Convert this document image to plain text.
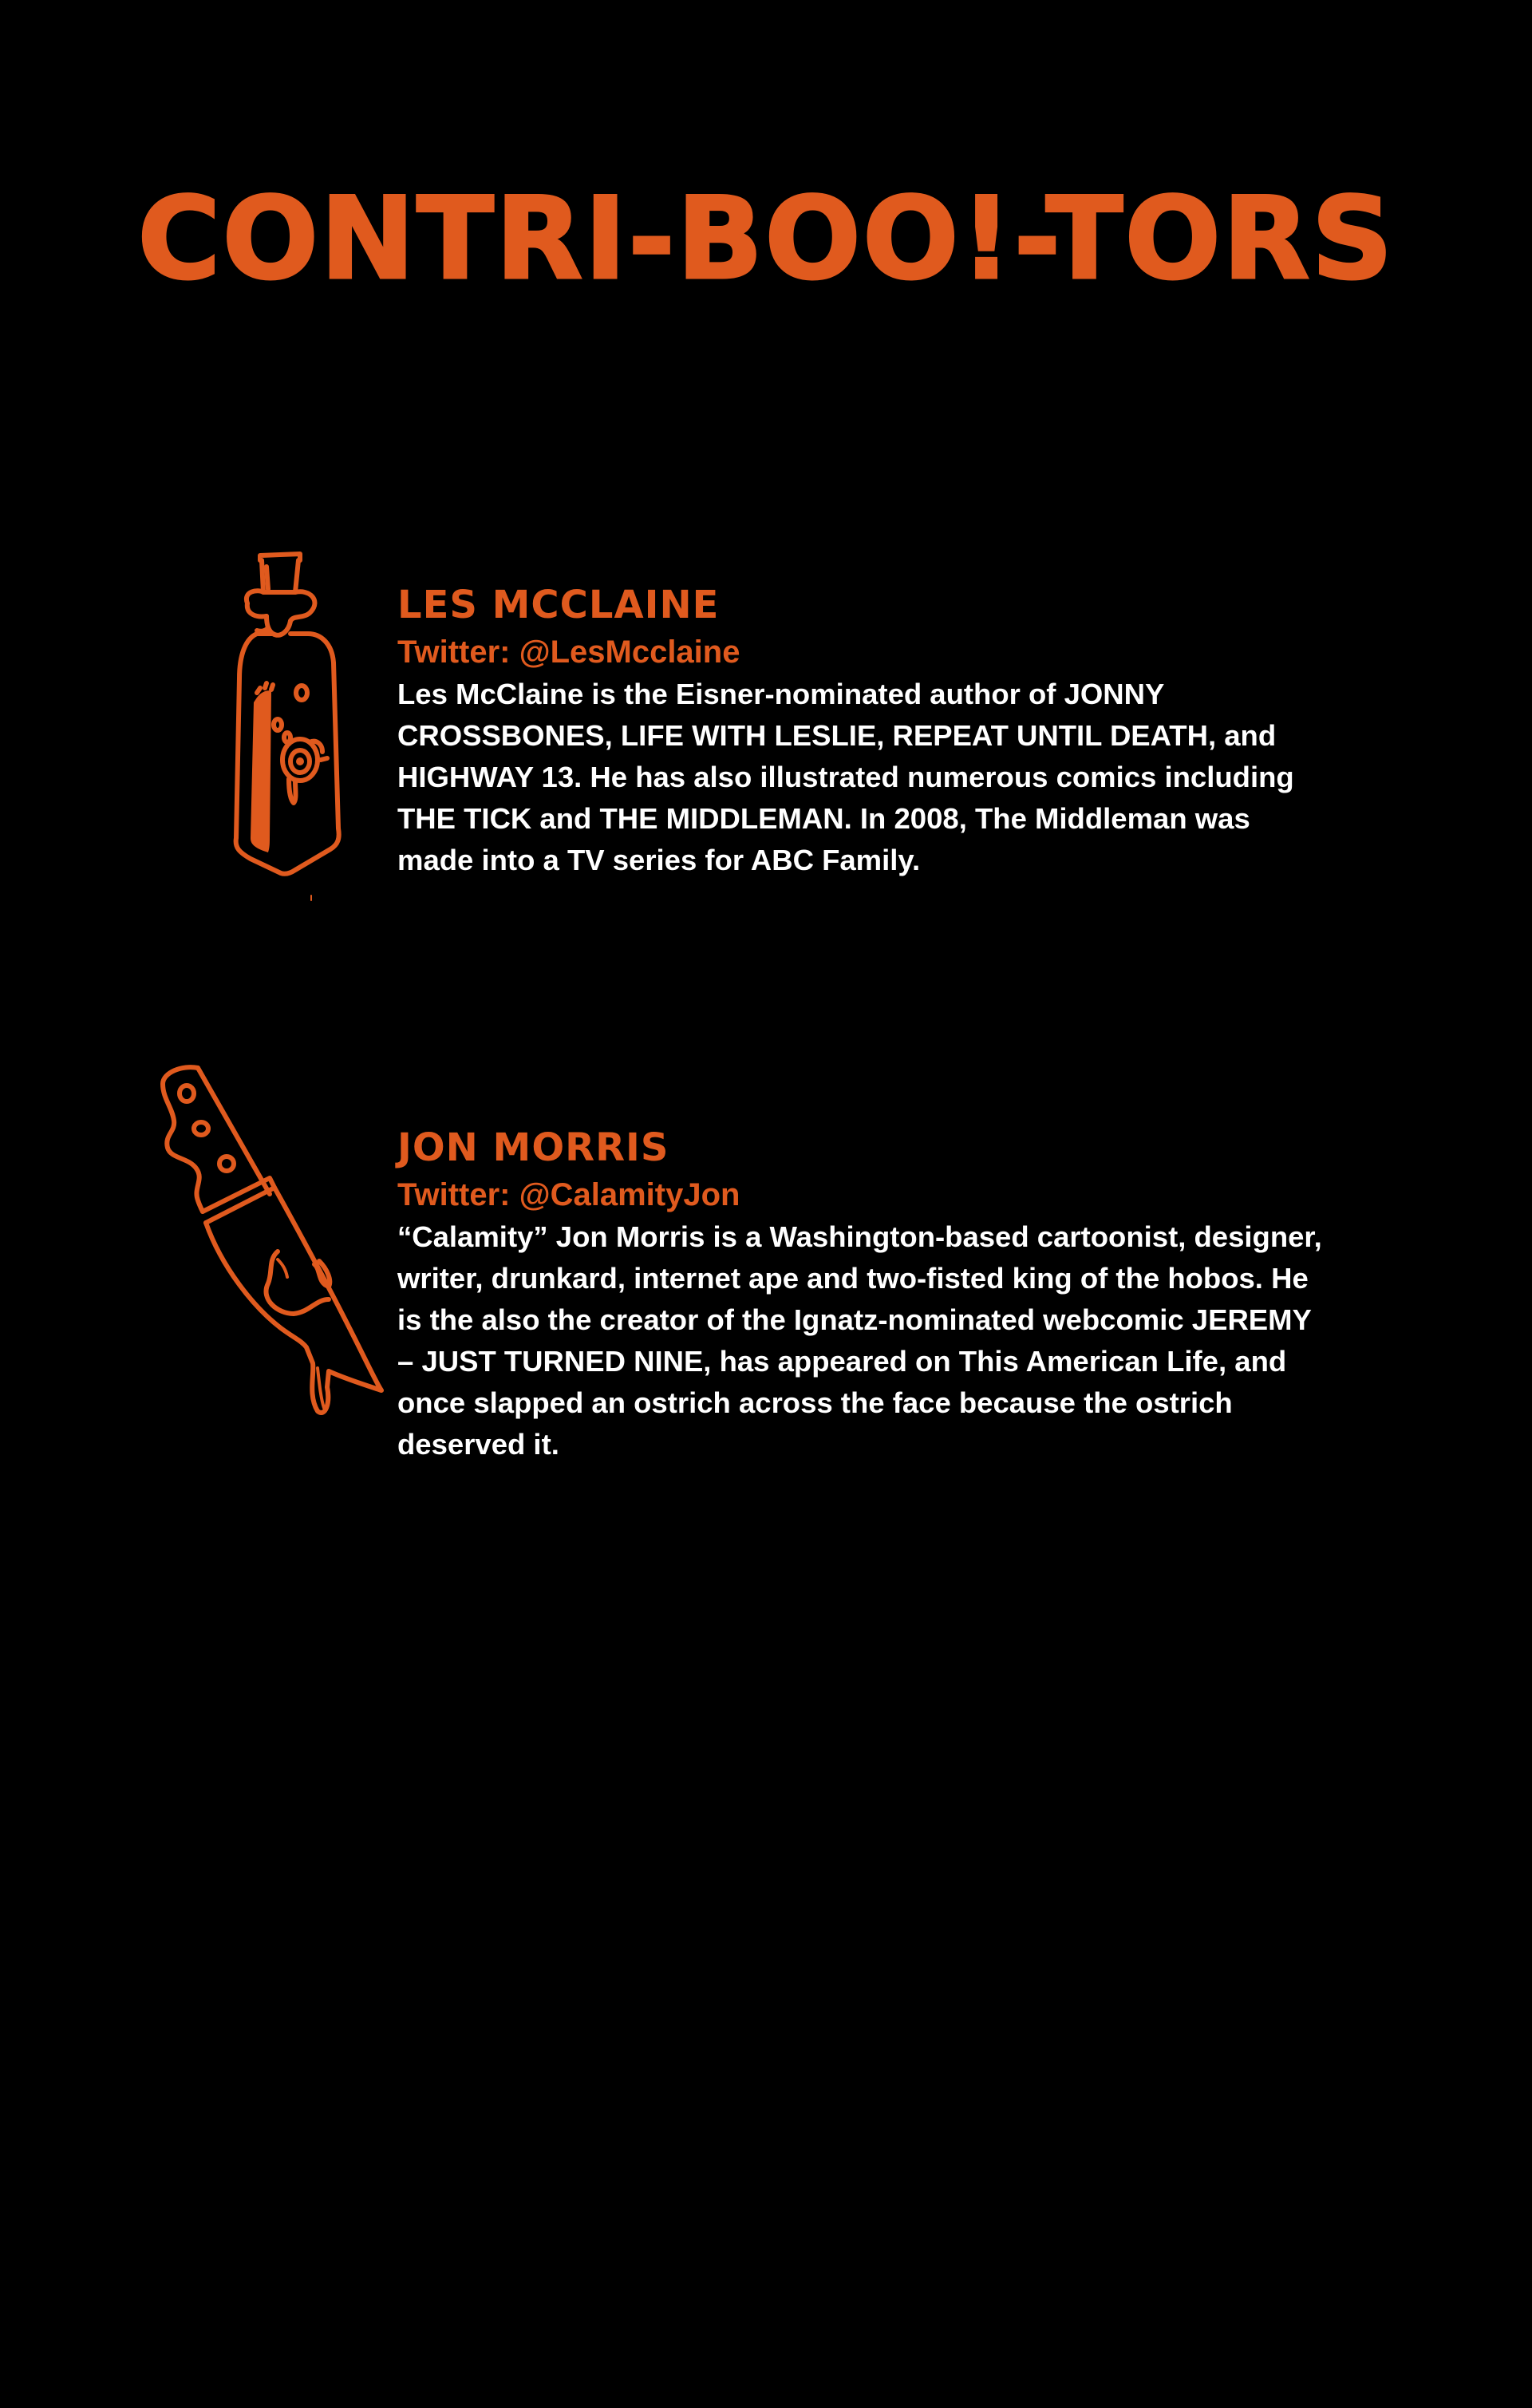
CONTRI-BOO!-TORS
LES MCCLAINE
Twitter: @LesMcclaine

Les McClaine is the Eisner-nominated author of JONNY CROSSBONES, LIFE WITH LESLIE, REPEAT UNTIL DEATH, and HIGHWAY 13. He has also illustrated numerous comics including THE TICK and THE MIDDLEMAN. In 2008, The Middleman was made into a TV series for ABC Family.

JON MORRIS
Twitter: @CalamityJon

“Calamity” Jon Morris is a Washington-based cartoonist, designer, writer, drunkard, internet ape and two-fisted king of the hobos. He is the also the creator of the Ignatz-nominated webcomic JEREMY – JUST TURNED NINE, has appeared on This American Life, and once slapped an ostrich across the face because the ostrich deserved it.
